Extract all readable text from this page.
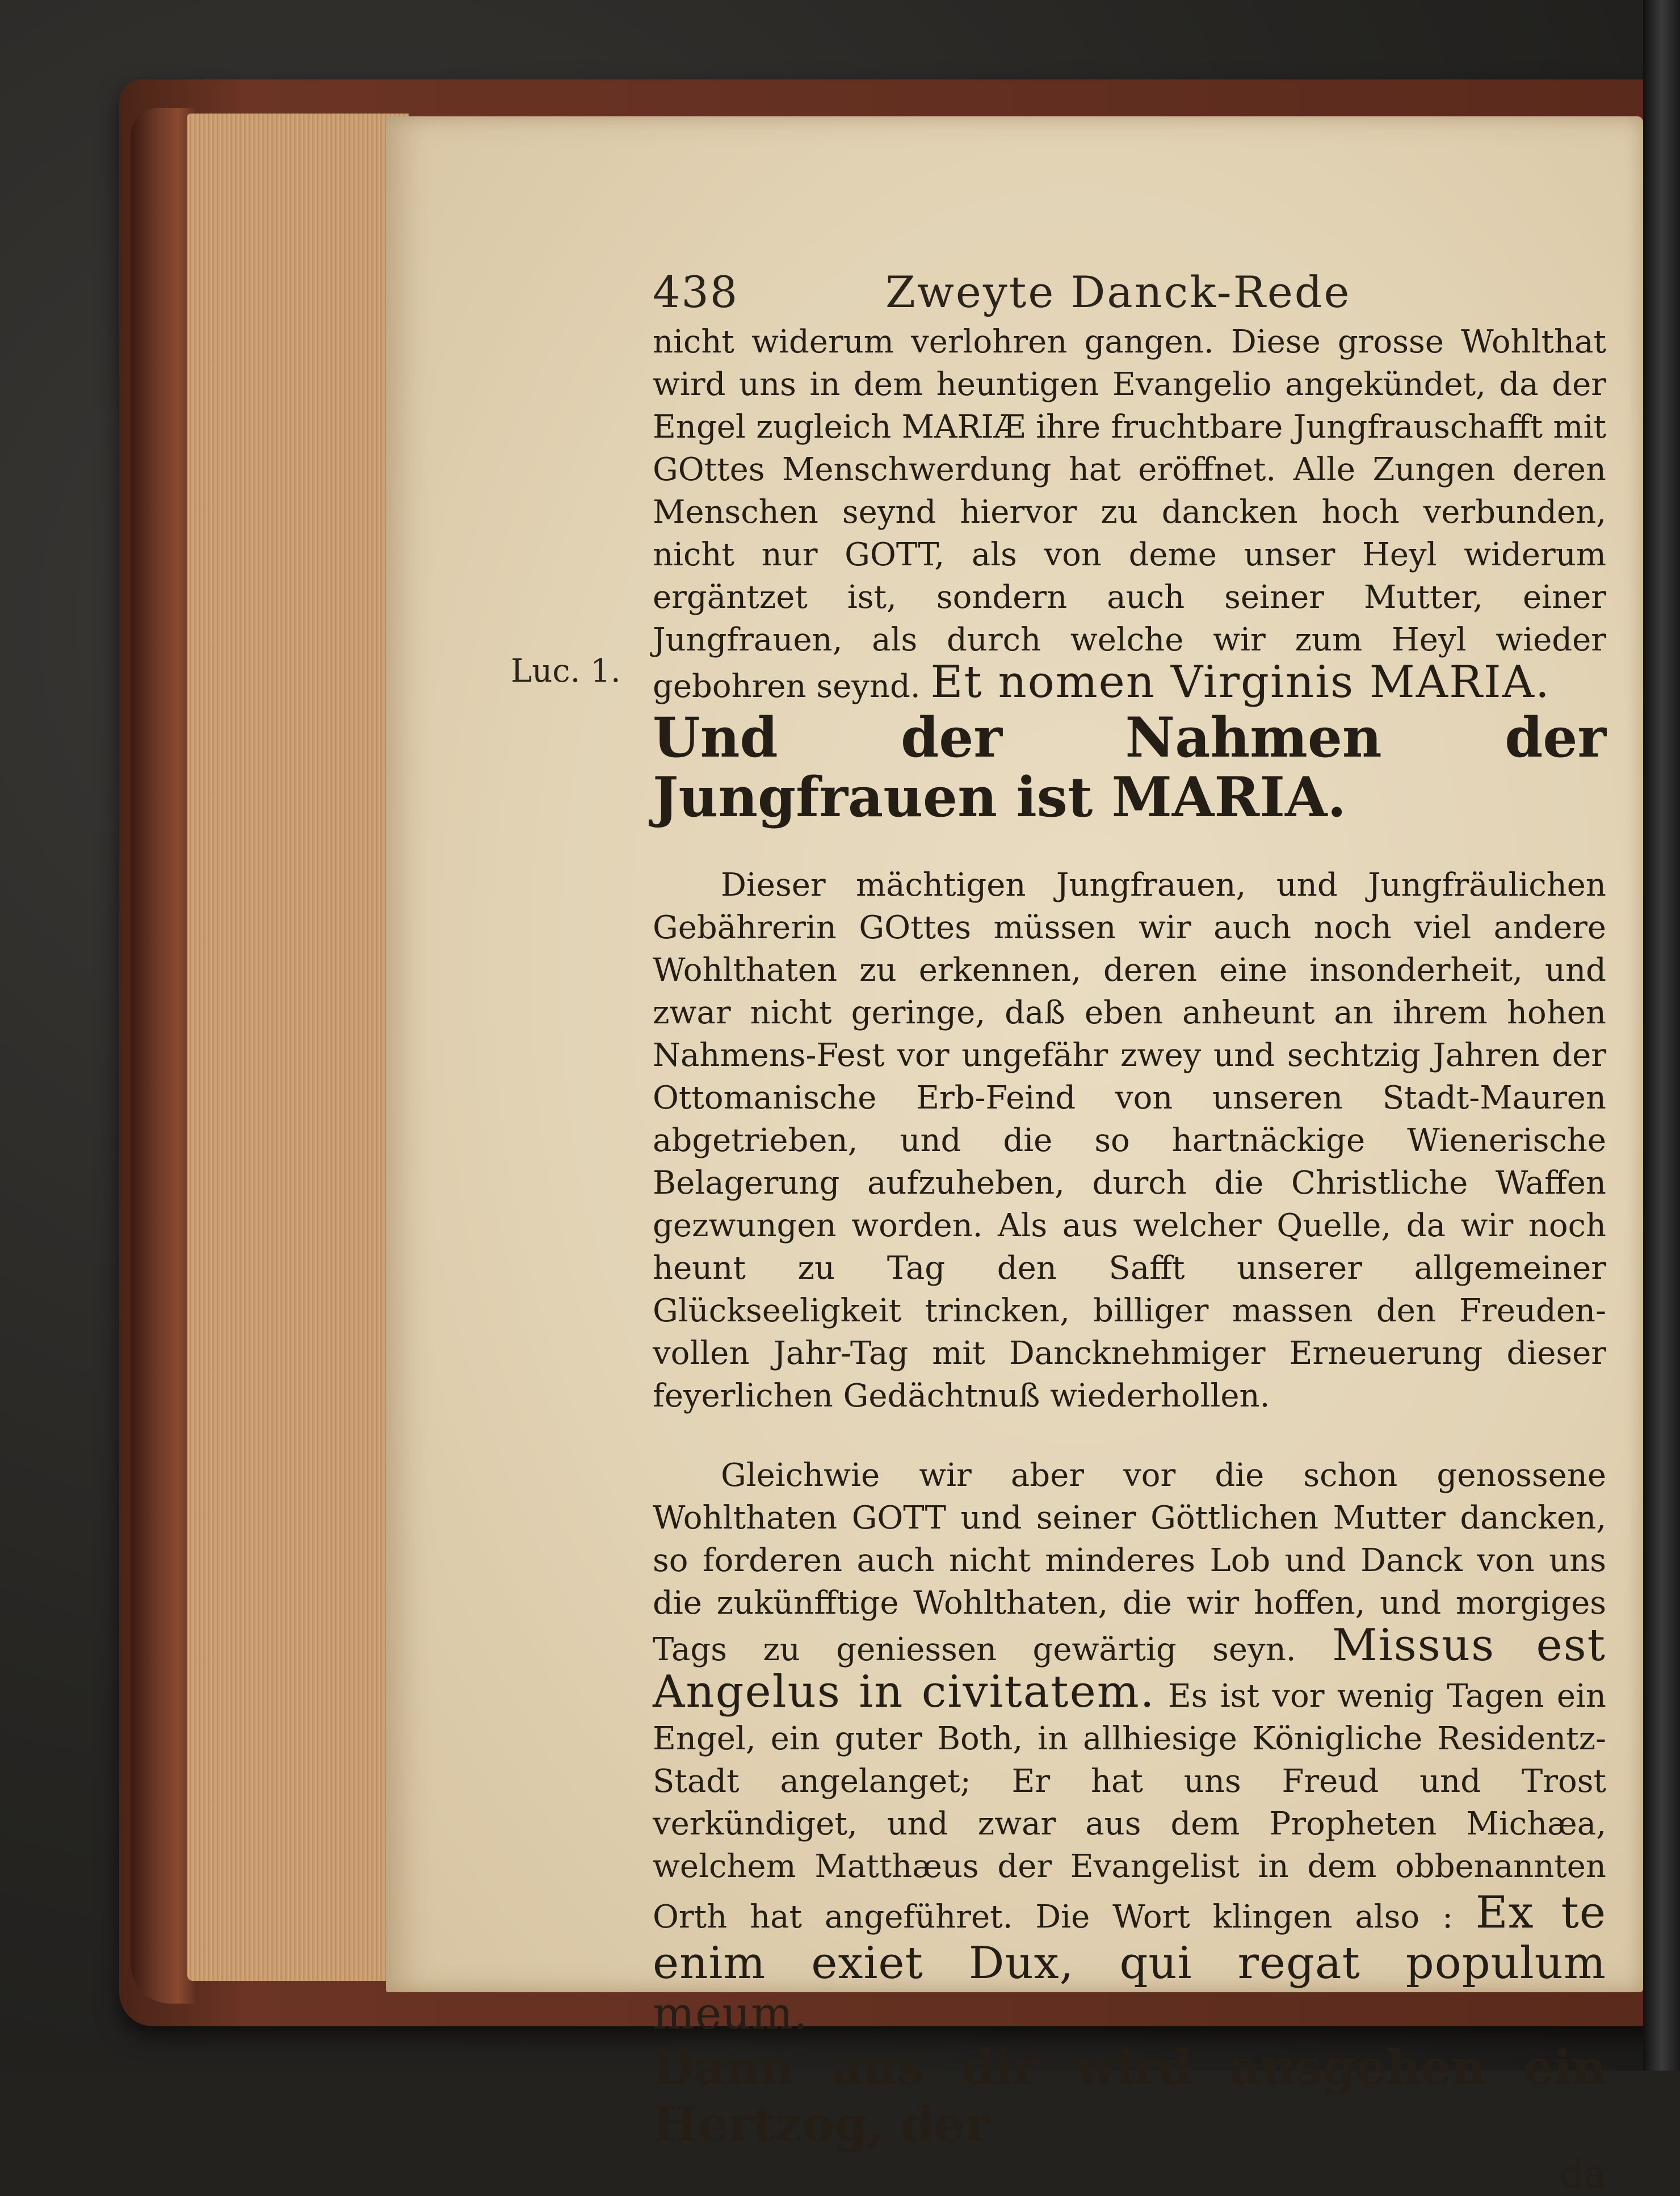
438	Zweyte Danck-Rede
Luc. 1.

nicht widerum verlohren gangen. Diese grosse Wohlthat wird uns in dem heuntigen Evangelio angekündet, da der Engel zugleich MARIÆ ihre fruchtbare Jungfrauschafft mit GOttes Menschwerdung hat eröffnet. Alle Zungen deren Menschen seynd hiervor zu dancken hoch verbunden, nicht nur GOTT, als von deme unser Heyl widerum ergäntzet ist, sondern auch seiner Mutter, einer Jungfrauen, als durch welche wir zum Heyl wieder gebohren seynd. Et nomen Virginis MARIA.

Und der Nahmen der Jungfrauen ist MARIA.

Dieser mächtigen Jungfrauen, und Jungfräulichen Gebährerin GOttes müssen wir auch noch viel andere Wohlthaten zu erkennen, deren eine insonderheit, und zwar nicht geringe, daß eben anheunt an ihrem hohen Nahmens-Fest vor ungefähr zwey und sechtzig Jahren der Ottomanische Erb-Feind von unseren Stadt-Mauren abgetrieben, und die so hartnäckige Wienerische Belagerung aufzuheben, durch die Christliche Waffen gezwungen worden. Als aus welcher Quelle, da wir noch heunt zu Tag den Safft unserer allgemeiner Glückseeligkeit trincken, billiger massen den Freuden-vollen Jahr-Tag mit Dancknehmiger Erneuerung dieser feyerlichen Gedächtnuß wiederhollen.

Gleichwie wir aber vor die schon genossene Wohlthaten GOTT und seiner Göttlichen Mutter dancken, so forderen auch nicht minderes Lob und Danck von uns die zukünfftige Wohlthaten, die wir hoffen, und morgiges Tags zu geniessen gewärtig seyn. Missus est Angelus in civitatem. Es ist vor wenig Tagen ein Engel, ein guter Both, in allhiesige Königliche Residentz-Stadt angelanget; Er hat uns Freud und Trost verkündiget, und zwar aus dem Propheten Michæa, welchem Matthæus der Evangelist in dem obbenannten Orth hat angeführet. Die Wort klingen also : Ex te enim exiet Dux, qui regat populum meum.

Dann aus dir wird ausgehen ein Hertzog, der

da
